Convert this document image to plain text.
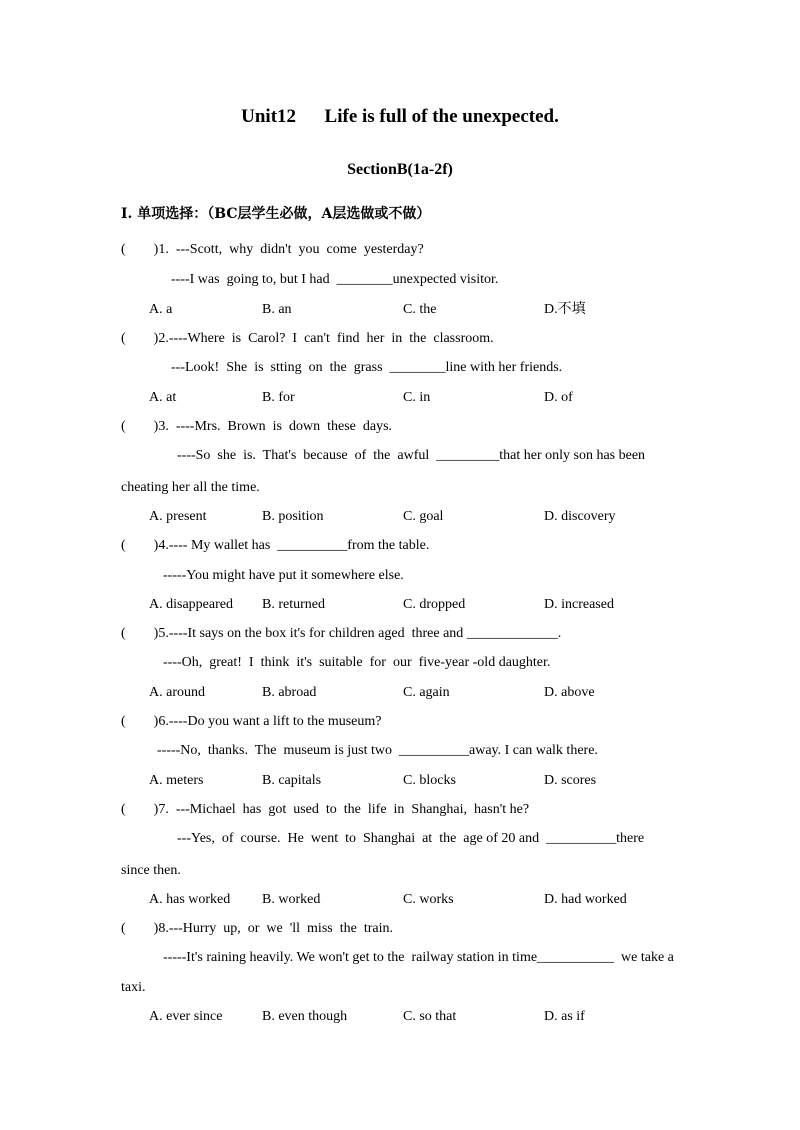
Unit12      Life is full of the unexpected.
SectionB(1a-2f)
I. 单项选择：（BC层学生必做，A层选做或不做）
(        )1.  ---Scott,  why  didn't  you  come  yesterday?
----I was  going to, but I had  ________unexpected visitor.
A. a	B. an	C. the	D.不填
(        )2.----Where  is  Carol?  I  can't  find  her  in  the  classroom.
---Look!  She  is  stting  on  the  grass  ________line with her friends.
A. at	B. for	C. in	D. of
(        )3.  ----Mrs.  Brown  is  down  these  days.
----So  she  is.  That's  because  of  the  awful  _________that her only son has been
cheating her all the time.
A. present	B. position	C. goal	D. discovery
(        )4.---- My wallet has  __________from the table.
-----You might have put it somewhere else.
A. disappeared B. returned	C. dropped	D. increased
(        )5.----It says on the box it's for children aged  three and _____________.
----Oh,  great!  I  think  it's  suitable  for  our  five-year -old daughter.
A. around	B. abroad	C. again	D. above
(        )6.----Do you want a lift to the museum?
-----No,  thanks.  The  museum is just two  __________away. I can walk there.
A. meters	B. capitals	C. blocks	D. scores
(        )7.  ---Michael  has  got  used  to  the  life  in  Shanghai,  hasn't he?
---Yes,  of  course.  He  went  to  Shanghai  at  the  age of 20 and  __________there
since then.
A. has worked B. worked	C. works	D. had worked
(        )8.---Hurry  up,  or  we  'll  miss  the  train.
-----It's raining heavily. We won't get to the  railway station in time___________  we take a
taxi.
A. ever since	B. even though	C. so that	D. as if
